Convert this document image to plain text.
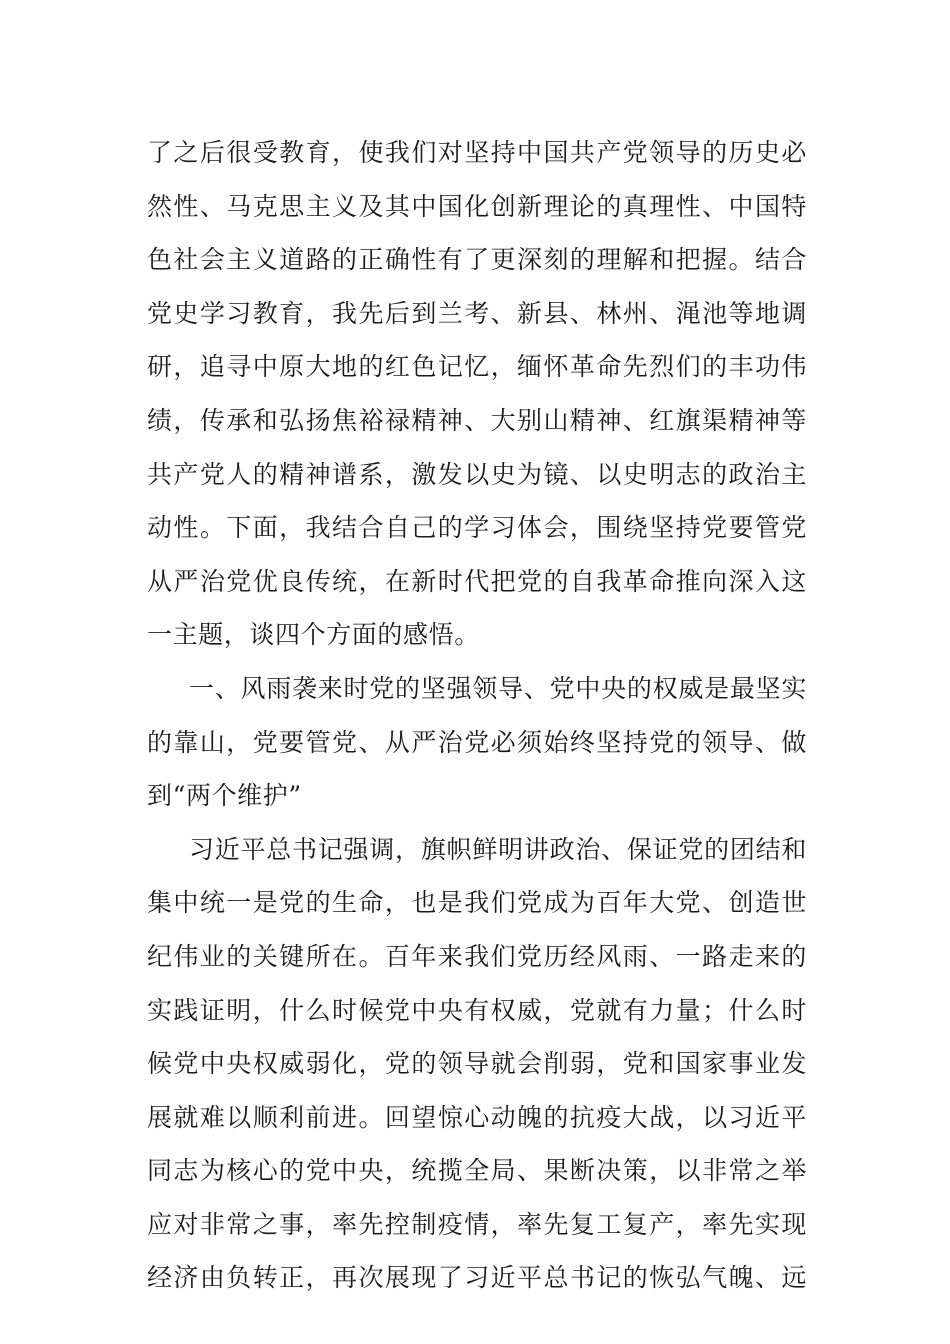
了之后很受教育，使我们对坚持中国共产党领导的历史必
然性、马克思主义及其中国化创新理论的真理性、中国特
色社会主义道路的正确性有了更深刻的理解和把握。结合
党史学习教育，我先后到兰考、新县、林州、渑池等地调
研，追寻中原大地的红色记忆，缅怀革命先烈们的丰功伟
绩，传承和弘扬焦裕禄精神、大别山精神、红旗渠精神等
共产党人的精神谱系，激发以史为镜、以史明志的政治主
动性。下面，我结合自己的学习体会，围绕坚持党要管党
从严治党优良传统，在新时代把党的自我革命推向深入这
一主题，谈四个方面的感悟。
一、风雨袭来时党的坚强领导、党中央的权威是最坚实
的靠山，党要管党、从严治党必须始终坚持党的领导、做
到“两个维护”
习近平总书记强调，旗帜鲜明讲政治、保证党的团结和
集中统一是党的生命，也是我们党成为百年大党、创造世
纪伟业的关键所在。百年来我们党历经风雨、一路走来的
实践证明，什么时候党中央有权威，党就有力量；什么时
候党中央权威弱化，党的领导就会削弱，党和国家事业发
展就难以顺利前进。回望惊心动魄的抗疫大战，以习近平
同志为核心的党中央，统揽全局、果断决策，以非常之举
应对非常之事，率先控制疫情，率先复工复产，率先实现
经济由负转正，再次展现了习近平总书记的恢弘气魄、远
